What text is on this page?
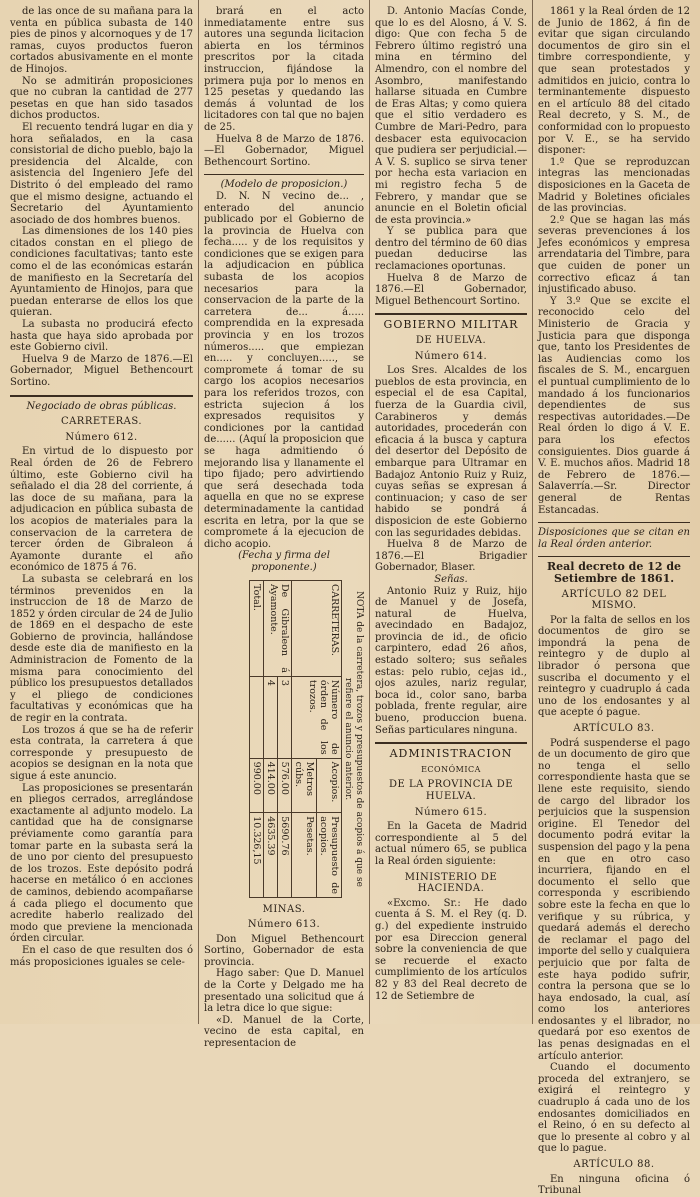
de las once de su mañana para la venta en pública subasta de 140 pies de pinos y alcornoques y de 17 ramas, cuyos productos fueron cortados abusivamente en el monte de Hinojos.

No se admitirán proposiciones que no cubran la cantidad de 277 pesetas en que han sido tasados dichos productos.

El recuento tendrá lugar en dia y hora señalados, en la casa consistorial de dicho pueblo, bajo la presidencia del Alcalde, con asistencia del Ingeniero Jefe del Distrito ó del empleado del ramo que el mismo designe, actuando el Secretario del Ayuntamiento asociado de dos hombres buenos.

Las dimensiones de los 140 pies citados constan en el pliego de condiciones facultativas; tanto este como el de las económicas estarán de manifiesto en la Secretaría del Ayuntamiento de Hinojos, para que puedan enterarse de ellos los que quieran.

La subasta no producirá efecto hasta que haya sido aprobada por este Gobierno civil.

Huelva 9 de Marzo de 1876.—El Gobernador, Miguel Bethencourt Sortino.

Negociado de obras públicas.

CARRETERAS.

Número 612.

En virtud de lo dispuesto por Real órden de 26 de Febrero último, este Gobierno civil ha señalado el dia 28 del corriente, á las doce de su mañana, para la adjudicacion en pública subasta de los acopios de materiales para la conservacion de la carretera de tercer órden de Gibraleon á Ayamonte durante el año económico de 1875 á 76.

La subasta se celebrará en los términos prevenidos en la instruccion de 18 de Marzo de 1852 y órden circular de 24 de Julio de 1869 en el despacho de este Gobierno de provincia, hallándose desde este dia de manifiesto en la Administracion de Fomento de la misma para conocimiento del público los presupuestos detallados y el pliego de condiciones facultativas y económicas que ha de regir en la contrata.

Los trozos á que se ha de referir esta contrata, la carretera á que corresponde y presupuesto de acopios se designan en la nota que sigue á este anuncio.

Las proposiciones se presentarán en pliegos cerrados, arreglándose exactamente al adjunto modelo. La cantidad que ha de consignarse préviamente como garantía para tomar parte en la subasta será la de uno por ciento del presupuesto de los trozos. Este depósito podrá hacerse en metálico ó en acciones de caminos, debiendo acompañarse á cada pliego el documento que acredite haberlo realizado del modo que previene la mencionada órden circular.

En el caso de que resulten dos ó más proposiciones iguales se cele-

brará en el acto inmediatamente entre sus autores una segunda licitacion abierta en los términos prescritos por la citada instruccion, fijándose la primera puja por lo menos en 125 pesetas y quedando las demás á voluntad de los licitadores con tal que no bajen de 25.

Huelva 8 de Marzo de 1876.—El Gobernador, Miguel Bethencourt Sortino.

(Modelo de proposicion.)

D. N. N vecino de... , enterado del anuncio publicado por el Gobierno de la provincia de Huelva con fecha..... y de los requisitos y condiciones que se exigen para la adjudicacion en pública subasta de los acopios necesarios para la conservacion de la parte de la carretera de... á..... comprendida en la expresada provincia y en los trozos números..... que empiezan en..... y concluyen....., se compromete á tomar de su cargo los acopios necesarios para los referidos trozos, con estricta sujecion á los expresados requisitos y condiciones por la cantidad de...... (Aquí la proposicion que se haga admitiendo ó mejorando lisa y llanamente el tipo fijado; pero advirtiendo que será desechada toda aquella en que no se exprese determinadamente la cantidad escrita en letra, por la que se compromete á la ejecucion de dicho acopio.

(Fecha y firma del proponente.)

NOTA de la carretera, trozos y presupuestos de acopios á que se refiere el anuncio anterior.

CARRETERAS.	Número de órden de los trozos.	Acopios.	Presupuesto de acopios.
		Metros cúbs.	Pesetas.
De Gibraleon á Ayamonte.	3	576.00	5690.76
	4	414.00	4635.39
Total.		990.00	10.326,15

MINAS.

Número 613.

Don Miguel Bethencourt Sortino, Gobernador de esta provincia.

Hago saber: Que D. Manuel de la Corte y Delgado me ha presentado una solicitud que á la letra dice lo que sigue:

«D. Manuel de la Corte, vecino de esta capital, en representacion de

D. Antonio Macías Conde, que lo es del Alosno, á V. S. digo: Que con fecha 5 de Febrero último registró una mina en término del Almendro, con el nombre del Asombro, manifestando hallarse situada en Cumbre de Eras Altas; y como quiera que el sitio verdadero es Cumbre de Mari-Pedro, para desbacer esta equivocacion que pudiera ser perjudicial.—A V. S. suplico se sirva tener por hecha esta variacion en mi registro fecha 5 de Febrero, y mandar que se anuncie en el Boletin oficial de esta provincia.»

Y se publica para que dentro del término de 60 dias puedan deducirse las reclamaciones oportunas.

Huelva 8 de Marzo de 1876.—El Gobernador, Miguel Bethencourt Sortino.

GOBIERNO MILITAR

DE HUELVA.

Número 614.

Los Sres. Alcaldes de los pueblos de esta provincia, en especial el de esa Capital, fuerza de la Guardia civil, Carabineros y demás autoridades, procederán con eficacia á la busca y captura del desertor del Depósito de embarque para Ultramar en Badajoz Antonio Ruiz y Ruiz, cuyas señas se expresan á continuacion; y caso de ser habido se pondrá á disposicion de este Gobierno con las seguridades debidas.

Huelva 8 de Marzo de 1876.—El Brigadier Gobernador, Blaser.

Señas.

Antonio Ruiz y Ruiz, hijo de Manuel y de Josefa, natural de Huelva, avecindado en Badajoz, provincia de id., de oficio carpintero, edad 26 años, estado soltero; sus señales estas: pelo rubio, cejas id., ojos azules, nariz regular, boca id., color sano, barba poblada, frente regular, aire bueno, produccion buena. Señas particulares ninguna.

ADMINISTRACION

ECONÓMICA

DE LA PROVINCIA DE HUELVA.

Número 615.

En la Gaceta de Madrid correspondiente al 5 del actual número 65, se publica la Real órden siguiente:

MINISTERIO DE HACIENDA.

«Excmo. Sr.: He dado cuenta á S. M. el Rey (q. D. g.) del expediente instruido por esa Direccion general sobre la conveniencia de que se recuerde el exacto cumplimiento de los artículos 82 y 83 del Real decreto de 12 de Setiembre de

1861 y la Real órden de 12 de Junio de 1862, á fin de evitar que sigan circulando documentos de giro sin el timbre correspondiente, y que sean protestados y admitidos en juicio, contra lo terminantemente dispuesto en el artículo 88 del citado Real decreto, y S. M., de conformidad con lo propuesto por V. E., se ha servido disponer:

1.º Que se reproduzcan integras las mencionadas disposiciones en la Gaceta de Madrid y Boletines oficiales de las provincias.

2.º Que se hagan las más severas prevenciones á los Jefes económicos y empresa arrendataria del Timbre, para que cuiden de poner un correctivo eficaz á tan injustificado abuso.

Y 3.º Que se excite el reconocido celo del Ministerio de Gracia y Justicia para que disponga que, tanto los Presidentes de las Audiencias como los fiscales de S. M., encarguen el puntual cumplimiento de lo mandado á los funcionarios dependientes de sus respectivas autoridades.—De Real órden lo digo á V. E. para los efectos consiguientes. Dios guarde á V. E. muchos años. Madrid 18 de Febrero de 1876.—Salaverría.—Sr. Director general de Rentas Estancadas.

Disposiciones que se citan en la Real órden anterior.

Real decreto de 12 de Setiembre de 1861.

ARTÍCULO 82 DEL MISMO.

Por la falta de sellos en los documentos de giro se impondrá la pena de reintegro y de duplo al librador ó persona que suscriba el documento y el reintegro y cuadruplo á cada uno de los endosantes y al que acepte ó pague.

ARTÍCULO 83.

Podrá suspenderse el pago de un documento de giro que no tenga el sello correspondiente hasta que se llene este requisito, siendo de cargo del librador los perjuicios que la suspension origine. El Tenedor del documento podrá evitar la suspension del pago y la pena en que en otro caso incurriera, fijando en el documento el sello que corresponda y escribiendo sobre este la fecha en que lo verifique y su rúbrica, y quedará además el derecho de reclamar el pago del importe del sello y cualquiera perjuicio que por falta de este haya podido sufrir, contra la persona que se lo haya endosado, la cual, así como los anteriores endosantes y el librador, no quedará por eso exentos de las penas designadas en el artículo anterior.

Cuando el documento proceda del extranjero, se exigirá el reintegro y cuadruplo á cada uno de los endosantes domiciliados en el Reino, ó en su defecto al que lo presente al cobro y al que lo pague.

ARTÍCULO 88.

En ninguna oficina ó Tribunal
